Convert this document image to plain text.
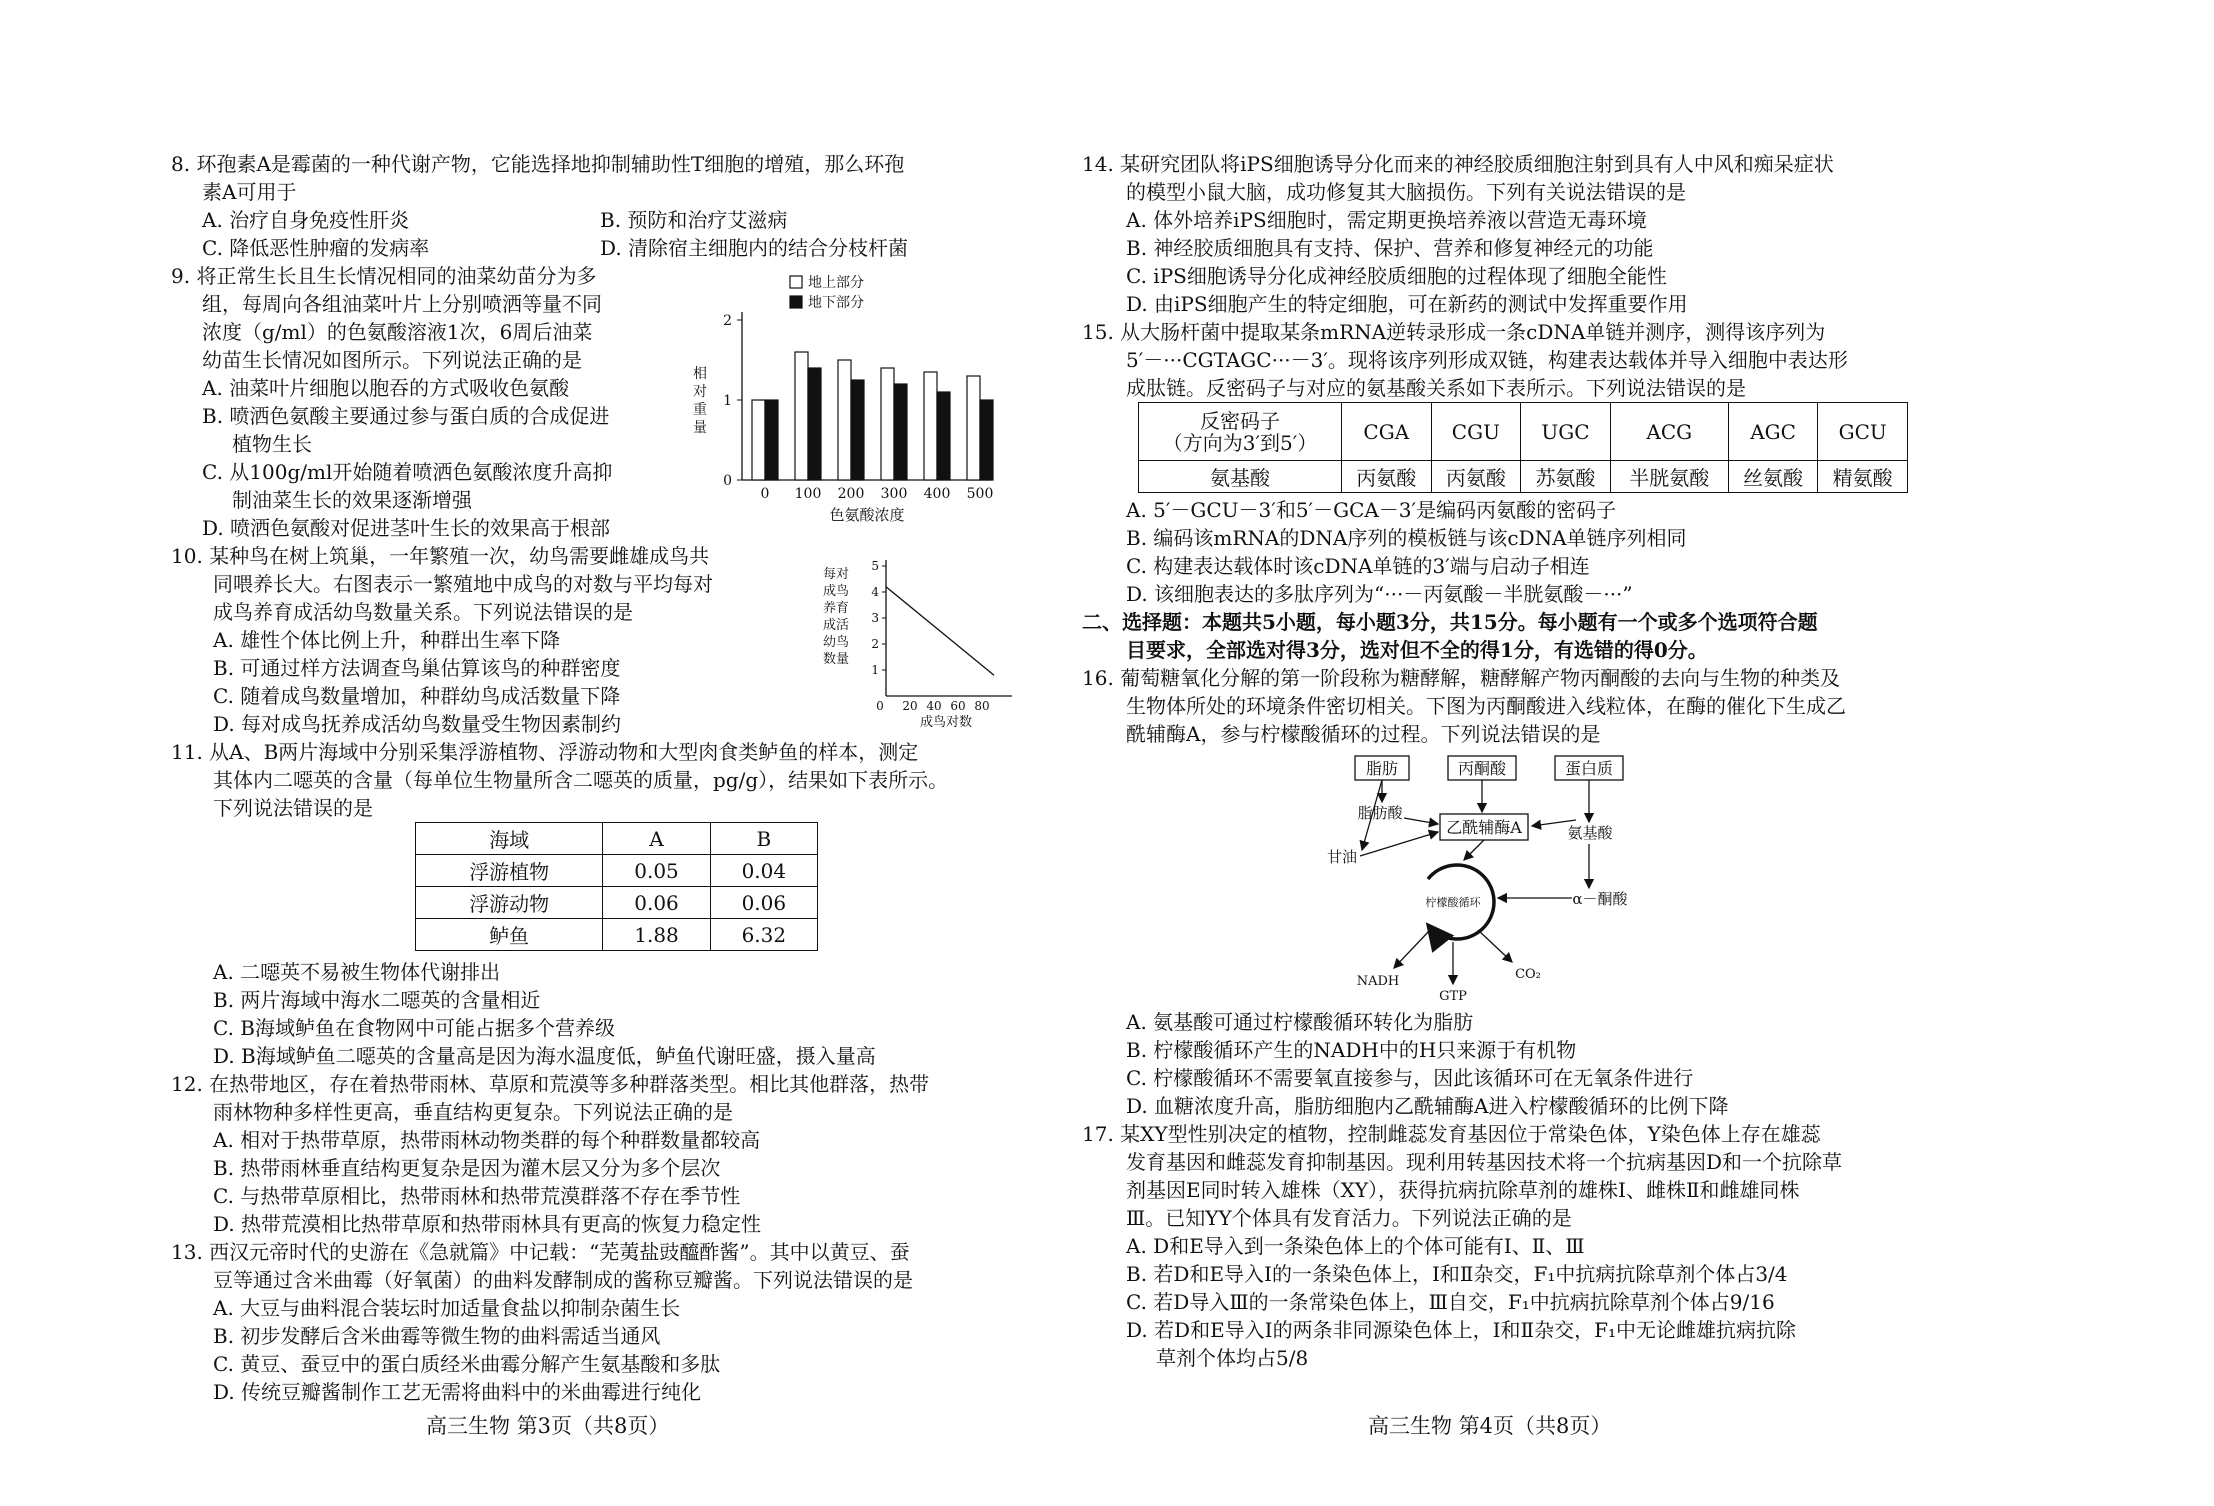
8. 环孢素A是霉菌的一种代谢产物，它能选择地抑制辅助性T细胞的增殖，那么环孢
素A可用于
A. 治疗自身免疫性肝炎	B. 预防和治疗艾滋病
C. 降低恶性肿瘤的发病率	D. 清除宿主细胞内的结合分枝杆菌
9. 将正常生长且生长情况相同的油菜幼苗分为多
组，每周向各组油菜叶片上分别喷洒等量不同
浓度（g/ml）的色氨酸溶液1次，6周后油菜
幼苗生长情况如图所示。下列说法正确的是
A. 油菜叶片细胞以胞吞的方式吸收色氨酸
B. 喷洒色氨酸主要通过参与蛋白质的合成促进
植物生长
C. 从100g/ml开始随着喷洒色氨酸浓度升高抑
制油菜生长的效果逐渐增强
D. 喷洒色氨酸对促进茎叶生长的效果高于根部
0
1
2
相
对
重
量
0 100 200 300 400 500
色氨酸浓度
地上部分
地下部分
10. 某种鸟在树上筑巢，一年繁殖一次，幼鸟需要雌雄成鸟共
同喂养长大。右图表示一繁殖地中成鸟的对数与平均每对
成鸟养育成活幼鸟数量关系。下列说法错误的是
A. 雄性个体比例上升，种群出生率下降
B. 可通过样方法调查鸟巢估算该鸟的种群密度
C. 随着成鸟数量增加，种群幼鸟成活数量下降
D. 每对成鸟抚养成活幼鸟数量受生物因素制约
1
2
3
4
5
0 20 40 60 80
成鸟对数
每对
成鸟
养育
成活
幼鸟
数量
11. 从A、B两片海域中分别采集浮游植物、浮游动物和大型肉食类鲈鱼的样本，测定
其体内二噁英的含量（每单位生物量所含二噁英的质量，pg/g），结果如下表所示。
下列说法错误的是
海域	A	B
浮游植物	0.05	0.04
浮游动物	0.06	0.06
鲈鱼	1.88	6.32
A. 二噁英不易被生物体代谢排出
B. 两片海域中海水二噁英的含量相近
C. B海域鲈鱼在食物网中可能占据多个营养级
D. B海域鲈鱼二噁英的含量高是因为海水温度低，鲈鱼代谢旺盛，摄入量高
12. 在热带地区，存在着热带雨林、草原和荒漠等多种群落类型。相比其他群落，热带
雨林物种多样性更高，垂直结构更复杂。下列说法正确的是
A. 相对于热带草原，热带雨林动物类群的每个种群数量都较高
B. 热带雨林垂直结构更复杂是因为灌木层又分为多个层次
C. 与热带草原相比，热带雨林和热带荒漠群落不存在季节性
D. 热带荒漠相比热带草原和热带雨林具有更高的恢复力稳定性
13. 西汉元帝时代的史游在《急就篇》中记载：“芜荑盐豉醯酢酱”。其中以黄豆、蚕
豆等通过含米曲霉（好氧菌）的曲料发酵制成的酱称豆瓣酱。下列说法错误的是
A. 大豆与曲料混合装坛时加适量食盐以抑制杂菌生长
B. 初步发酵后含米曲霉等微生物的曲料需适当通风
C. 黄豆、蚕豆中的蛋白质经米曲霉分解产生氨基酸和多肽
D. 传统豆瓣酱制作工艺无需将曲料中的米曲霉进行纯化
高三生物 第3页（共8页）
14. 某研究团队将iPS细胞诱导分化而来的神经胶质细胞注射到具有人中风和痴呆症状
的模型小鼠大脑，成功修复其大脑损伤。下列有关说法错误的是
A. 体外培养iPS细胞时，需定期更换培养液以营造无毒环境
B. 神经胶质细胞具有支持、保护、营养和修复神经元的功能
C. iPS细胞诱导分化成神经胶质细胞的过程体现了细胞全能性
D. 由iPS细胞产生的特定细胞，可在新药的测试中发挥重要作用
15. 从大肠杆菌中提取某条mRNA逆转录形成一条cDNA单链并测序，测得该序列为
5′－···CGTAGC···－3′。现将该序列形成双链，构建表达载体并导入细胞中表达形
成肽链。反密码子与对应的氨基酸关系如下表所示。下列说法错误的是
反密码子
（方向为3′到5′）	CGA	CGU	UGC	ACG	AGC	GCU
氨基酸	丙氨酸	丙氨酸	苏氨酸	半胱氨酸	丝氨酸	精氨酸
A. 5′－GCU－3′和5′－GCA－3′是编码丙氨酸的密码子
B. 编码该mRNA的DNA序列的模板链与该cDNA单链序列相同
C. 构建表达载体时该cDNA单链的3′端与启动子相连
D. 该细胞表达的多肽序列为“···－丙氨酸－半胱氨酸－···”
二、选择题：本题共5小题，每小题3分，共15分。每小题有一个或多个选项符合题
目要求，全部选对得3分，选对但不全的得1分，有选错的得0分。
16. 葡萄糖氧化分解的第一阶段称为糖酵解，糖酵解产物丙酮酸的去向与生物的种类及
生物体所处的环境条件密切相关。下图为丙酮酸进入线粒体，在酶的催化下生成乙
酰辅酶A，参与柠檬酸循环的过程。下列说法错误的是
脂肪	丙酮酸	蛋白质
乙酰辅酶A
脂肪酸
氨基酸
甘油
α－酮酸
NADH
GTP
CO₂
柠檬酸循环
A. 氨基酸可通过柠檬酸循环转化为脂肪
B. 柠檬酸循环产生的NADH中的H只来源于有机物
C. 柠檬酸循环不需要氧直接参与，因此该循环可在无氧条件进行
D. 血糖浓度升高，脂肪细胞内乙酰辅酶A进入柠檬酸循环的比例下降
17. 某XY型性别决定的植物，控制雌蕊发育基因位于常染色体，Y染色体上存在雄蕊
发育基因和雌蕊发育抑制基因。现利用转基因技术将一个抗病基因D和一个抗除草
剂基因E同时转入雄株（XY），获得抗病抗除草剂的雄株Ⅰ、雌株Ⅱ和雌雄同株
Ⅲ。已知YY个体具有发育活力。下列说法正确的是
A. D和E导入到一条染色体上的个体可能有Ⅰ、Ⅱ、Ⅲ
B. 若D和E导入Ⅰ的一条染色体上，Ⅰ和Ⅱ杂交，F₁中抗病抗除草剂个体占3/4
C. 若D导入Ⅲ的一条常染色体上，Ⅲ自交，F₁中抗病抗除草剂个体占9/16
D. 若D和E导入Ⅰ的两条非同源染色体上，Ⅰ和Ⅱ杂交，F₁中无论雌雄抗病抗除
草剂个体均占5/8
高三生物 第4页（共8页）
